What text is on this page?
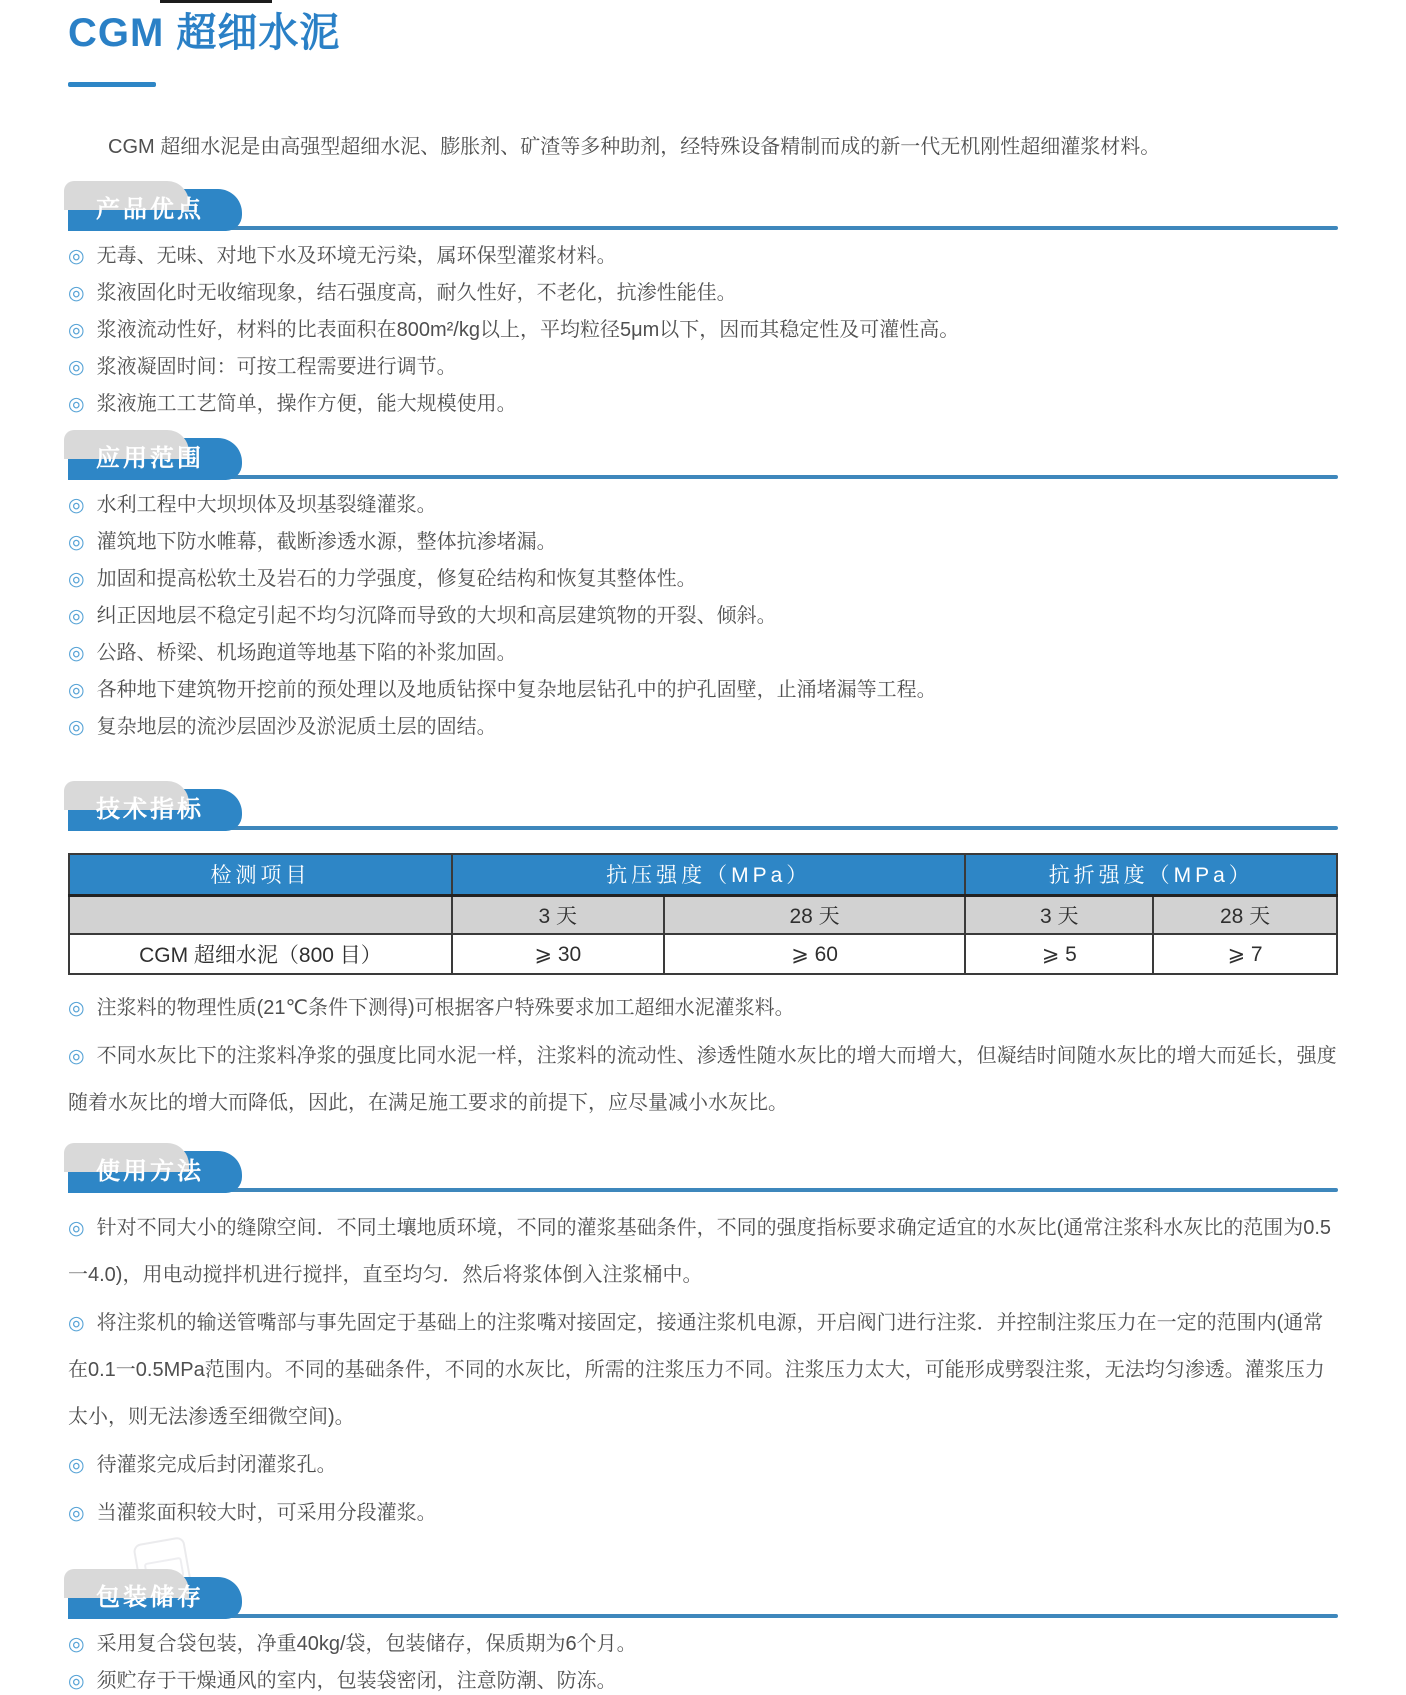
CGM 超细水泥

CGM 超细水泥是由高强型超细水泥、膨胀剂、矿渣等多种助剂，经特殊设备精制而成的新一代无机刚性超细灌浆材料。

产品优点
◎ 无毒、无味、对地下水及环境无污染，属环保型灌浆材料。
◎ 浆液固化时无收缩现象，结石强度高，耐久性好，不老化，抗渗性能佳。
◎ 浆液流动性好，材料的比表面积在800m²/kg以上，平均粒径5μm以下，因而其稳定性及可灌性高。
◎ 浆液凝固时间：可按工程需要进行调节。
◎ 浆液施工工艺简单，操作方便，能大规模使用。
应用范围
◎ 水利工程中大坝坝体及坝基裂缝灌浆。
◎ 灌筑地下防水帷幕，截断渗透水源，整体抗渗堵漏。
◎ 加固和提高松软土及岩石的力学强度，修复砼结构和恢复其整体性。
◎ 纠正因地层不稳定引起不均匀沉降而导致的大坝和高层建筑物的开裂、倾斜。
◎ 公路、桥梁、机场跑道等地基下陷的补浆加固。
◎ 各种地下建筑物开挖前的预处理以及地质钻探中复杂地层钻孔中的护孔固壁，止涌堵漏等工程。
◎ 复杂地层的流沙层固沙及淤泥质土层的固结。
技术指标
检测项目	抗压强度（MPa）		抗折强度（MPa）	
	3 天	28 天	3 天	28 天
CGM 超细水泥（800 目）	⩾ 30	⩾ 60	⩾ 5	⩾ 7
◎ 注浆料的物理性质(21℃条件下测得)可根据客户特殊要求加工超细水泥灌浆料。
◎ 不同水灰比下的注浆料净浆的强度比同水泥一样，注浆料的流动性、渗透性随水灰比的增大而增大，但凝结时间随水灰比的增大而延长，强度随着水灰比的增大而降低，因此，在满足施工要求的前提下，应尽量减小水灰比。
使用方法
◎ 针对不同大小的缝隙空间．不同土壤地质环境，不同的灌浆基础条件，不同的强度指标要求确定适宜的水灰比(通常注浆科水灰比的范围为0.5一4.0)，用电动搅拌机进行搅拌，直至均匀．然后将浆体倒入注浆桶中。
◎ 将注浆机的输送管嘴部与事先固定于基础上的注浆嘴对接固定，接通注浆机电源，开启阀门进行注浆．并控制注浆压力在一定的范围内(通常在0.1一0.5MPa范围内。不同的基础条件，不同的水灰比，所需的注浆压力不同。注浆压力太大，可能形成劈裂注浆，无法均匀渗透。灌浆压力太小，则无法渗透至细微空间)。
◎ 待灌浆完成后封闭灌浆孔。
◎ 当灌浆面积较大时，可采用分段灌浆。
包装储存
◎ 采用复合袋包装，净重40kg/袋，包装储存，保质期为6个月。
◎ 须贮存于干燥通风的室内，包装袋密闭，注意防潮、防冻。
